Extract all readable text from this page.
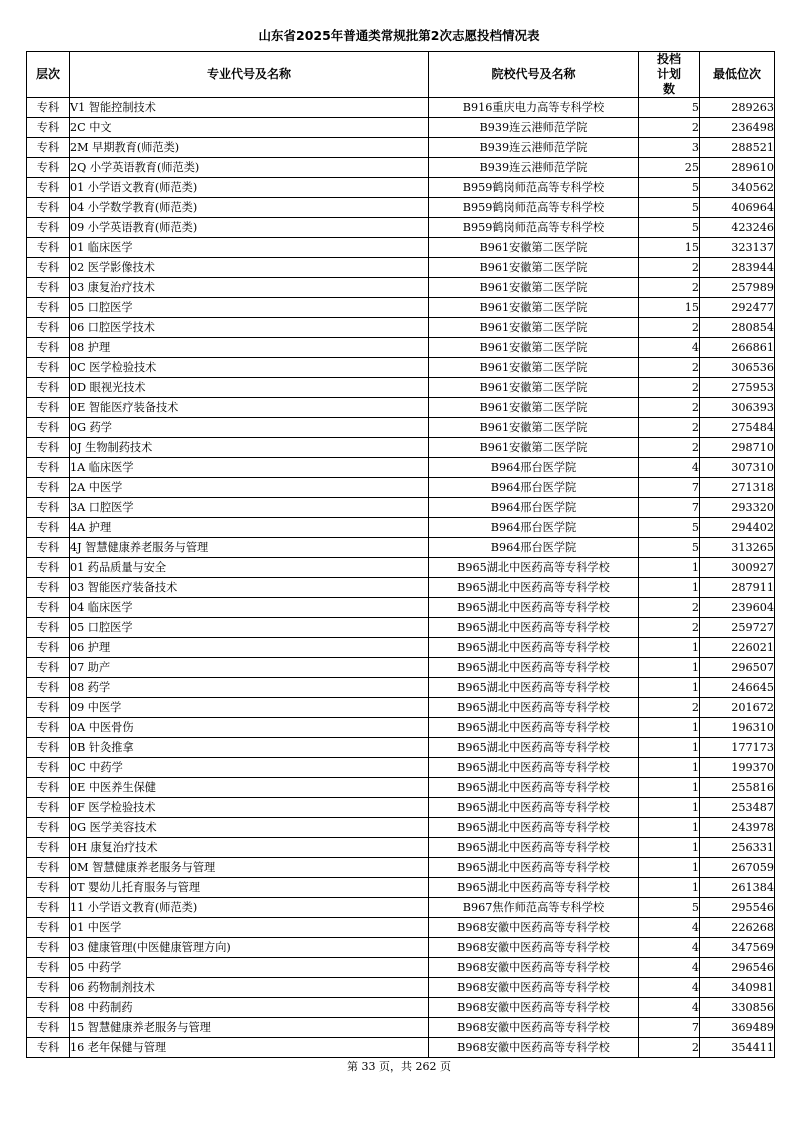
山东省2025年普通类常规批第2次志愿投档情况表
层次	专业代号及名称	院校代号及名称	投档计划数	最低位次
专科	V1 智能控制技术	B916重庆电力高等专科学校	5	289263
专科	2C 中文	B939连云港师范学院	2	236498
专科	2M 早期教育(师范类)	B939连云港师范学院	3	288521
专科	2Q 小学英语教育(师范类)	B939连云港师范学院	25	289610
专科	01 小学语文教育(师范类)	B959鹤岗师范高等专科学校	5	340562
专科	04 小学数学教育(师范类)	B959鹤岗师范高等专科学校	5	406964
专科	09 小学英语教育(师范类)	B959鹤岗师范高等专科学校	5	423246
专科	01 临床医学	B961安徽第二医学院	15	323137
专科	02 医学影像技术	B961安徽第二医学院	2	283944
专科	03 康复治疗技术	B961安徽第二医学院	2	257989
专科	05 口腔医学	B961安徽第二医学院	15	292477
专科	06 口腔医学技术	B961安徽第二医学院	2	280854
专科	08 护理	B961安徽第二医学院	4	266861
专科	0C 医学检验技术	B961安徽第二医学院	2	306536
专科	0D 眼视光技术	B961安徽第二医学院	2	275953
专科	0E 智能医疗装备技术	B961安徽第二医学院	2	306393
专科	0G 药学	B961安徽第二医学院	2	275484
专科	0J 生物制药技术	B961安徽第二医学院	2	298710
专科	1A 临床医学	B964邢台医学院	4	307310
专科	2A 中医学	B964邢台医学院	7	271318
专科	3A 口腔医学	B964邢台医学院	7	293320
专科	4A 护理	B964邢台医学院	5	294402
专科	4J 智慧健康养老服务与管理	B964邢台医学院	5	313265
专科	01 药品质量与安全	B965湖北中医药高等专科学校	1	300927
专科	03 智能医疗装备技术	B965湖北中医药高等专科学校	1	287911
专科	04 临床医学	B965湖北中医药高等专科学校	2	239604
专科	05 口腔医学	B965湖北中医药高等专科学校	2	259727
专科	06 护理	B965湖北中医药高等专科学校	1	226021
专科	07 助产	B965湖北中医药高等专科学校	1	296507
专科	08 药学	B965湖北中医药高等专科学校	1	246645
专科	09 中医学	B965湖北中医药高等专科学校	2	201672
专科	0A 中医骨伤	B965湖北中医药高等专科学校	1	196310
专科	0B 针灸推拿	B965湖北中医药高等专科学校	1	177173
专科	0C 中药学	B965湖北中医药高等专科学校	1	199370
专科	0E 中医养生保健	B965湖北中医药高等专科学校	1	255816
专科	0F 医学检验技术	B965湖北中医药高等专科学校	1	253487
专科	0G 医学美容技术	B965湖北中医药高等专科学校	1	243978
专科	0H 康复治疗技术	B965湖北中医药高等专科学校	1	256331
专科	0M 智慧健康养老服务与管理	B965湖北中医药高等专科学校	1	267059
专科	0T 婴幼儿托育服务与管理	B965湖北中医药高等专科学校	1	261384
专科	11 小学语文教育(师范类)	B967焦作师范高等专科学校	5	295546
专科	01 中医学	B968安徽中医药高等专科学校	4	226268
专科	03 健康管理(中医健康管理方向)	B968安徽中医药高等专科学校	4	347569
专科	05 中药学	B968安徽中医药高等专科学校	4	296546
专科	06 药物制剂技术	B968安徽中医药高等专科学校	4	340981
专科	08 中药制药	B968安徽中医药高等专科学校	4	330856
专科	15 智慧健康养老服务与管理	B968安徽中医药高等专科学校	7	369489
专科	16 老年保健与管理	B968安徽中医药高等专科学校	2	354411
第 33 页，共 262 页
